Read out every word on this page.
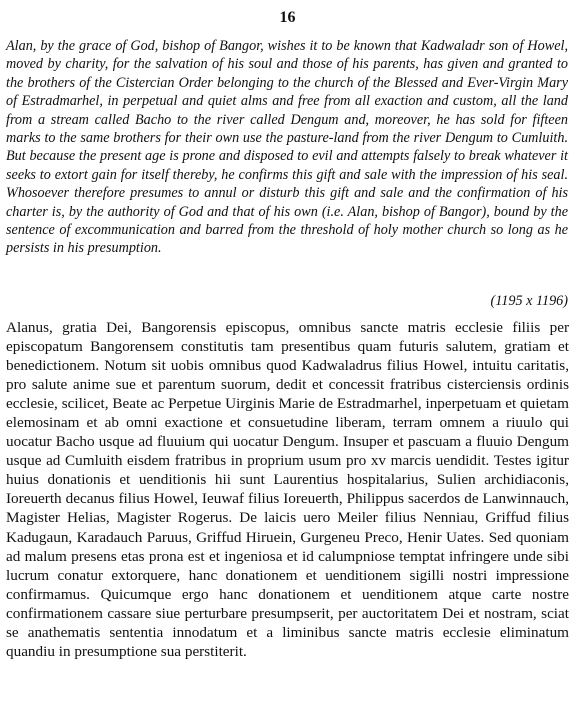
16

Alan, by the grace of God, bishop of Bangor, wishes it to be known that Kadwaladr son of Howel, moved by charity, for the salvation of his soul and those of his parents, has given and granted to the brothers of the Cistercian Order belonging to the church of the Blessed and Ever-Virgin Mary of Estradmarhel, in perpetual and quiet alms and free from all exaction and custom, all the land from a stream called Bacho to the river called Dengum and, moreover, he has sold for fifteen marks to the same brothers for their own use the pasture-land from the river Dengum to Cumluith. But because the present age is prone and disposed to evil and attempts falsely to break whatever it seeks to extort gain for itself thereby, he confirms this gift and sale with the impression of his seal. Whosoever therefore presumes to annul or disturb this gift and sale and the confirmation of his charter is, by the authority of God and that of his own (i.e. Alan, bishop of Bangor), bound by the sentence of excommunication and barred from the threshold of holy mother church so long as he persists in his presumption.

(1195 x 1196)

Alanus, gratia Dei, Bangorensis episcopus, omnibus sancte matris ecclesie filiis per episcopatum Bangorensem constitutis tam presentibus quam futuris salutem, gratiam et benedictionem. Notum sit uobis omnibus quod Kadwaladrus filius Howel, intuitu caritatis, pro salute anime sue et parentum suorum, dedit et concessit fratribus cisterciensis ordinis ecclesie, scilicet, Beate ac Perpetue Uirginis Marie de Estradmarhel, inperpetuam et quietam elemosinam et ab omni exactione et consuetudine liberam, terram omnem a riuulo qui uocatur Bacho usque ad fluuium qui uocatur Dengum. Insuper et pascuam a fluuio Dengum usque ad Cumluith eisdem fratribus in proprium usum pro xv marcis uendidit. Testes igitur huius donationis et uenditionis hii sunt Laurentius hospitalarius, Sulien archidiaconis, Ioreuerth decanus filius Howel, Ieuwaf filius Ioreuerth, Philippus sacerdos de Lanwinnauch, Magister Helias, Magister Rogerus. De laicis uero Meiler filius Nenniau, Griffud filius Kadugaun, Karadauch Paruus, Griffud Hiruein, Gurgeneu Preco, Henir Uates. Sed quoniam ad malum presens etas prona est et ingeniosa et id calumpniose temptat infringere unde sibi lucrum conatur extorquere, hanc donationem et uenditionem sigilli nostri impressione confirmamus. Quicumque ergo hanc donationem et uenditionem atque carte nostre confirmationem cassare siue perturbare presumpserit, per auctoritatem Dei et nostram, sciat se anathematis sententia innodatum et a liminibus sancte matris ecclesie eliminatum quandiu in presumptione sua perstiterit.
